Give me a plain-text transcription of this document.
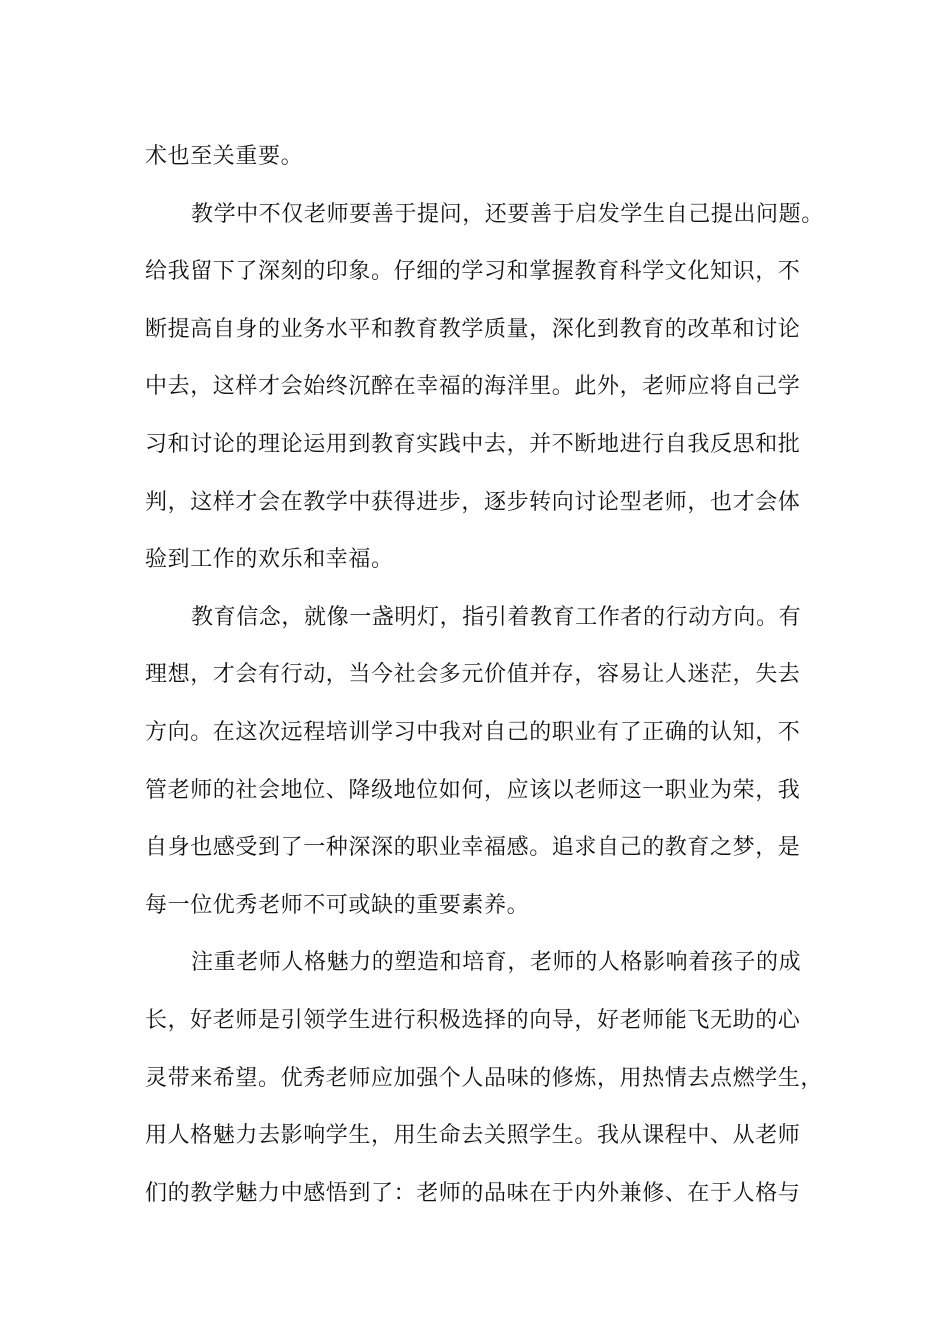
术也至关重要。
教学中不仅老师要善于提问，还要善于启发学生自己提出问题。
给我留下了深刻的印象。仔细的学习和掌握教育科学文化知识，不
断提高自身的业务水平和教育教学质量，深化到教育的改革和讨论
中去，这样才会始终沉醉在幸福的海洋里。此外，老师应将自己学
习和讨论的理论运用到教育实践中去，并不断地进行自我反思和批
判，这样才会在教学中获得进步，逐步转向讨论型老师，也才会体
验到工作的欢乐和幸福。
教育信念，就像一盏明灯，指引着教育工作者的行动方向。有
理想，才会有行动，当今社会多元价值并存，容易让人迷茫，失去
方向。在这次远程培训学习中我对自己的职业有了正确的认知，不
管老师的社会地位、降级地位如何，应该以老师这一职业为荣，我
自身也感受到了一种深深的职业幸福感。追求自己的教育之梦，是
每一位优秀老师不可或缺的重要素养。
注重老师人格魅力的塑造和培育，老师的人格影响着孩子的成
长，好老师是引领学生进行积极选择的向导，好老师能飞无助的心
灵带来希望。优秀老师应加强个人品味的修炼，用热情去点燃学生，
用人格魅力去影响学生，用生命去关照学生。我从课程中、从老师
们的教学魅力中感悟到了：老师的品味在于内外兼修、在于人格与
